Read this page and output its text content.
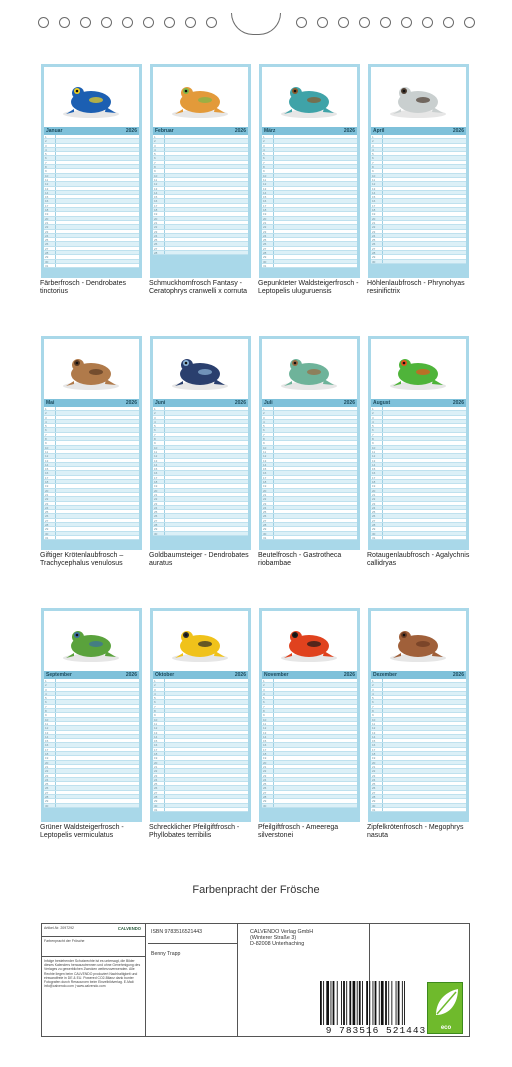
Januar	2026
1
2
3
4
5
6
7
8
9
10
11
12
13
14
15
16
17
18
19
20
21
22
23
24
25
26
27
28
29
30
31
Färberfrosch - Dendrobates tinctorius
Februar	2026
1
2
3
4
5
6
7
8
9
10
11
12
13
14
15
16
17
18
19
20
21
22
23
24
25
26
27
28
Schmuckhornfrosch Fantasy - Ceratophrys cranwelli x cornuta
März	2026
1
2
3
4
5
6
7
8
9
10
11
12
13
14
15
16
17
18
19
20
21
22
23
24
25
26
27
28
29
30
31
Gepunkteter Waldsteigerfrosch - Leptopelis uluguruensis
April	2026
1
2
3
4
5
6
7
8
9
10
11
12
13
14
15
16
17
18
19
20
21
22
23
24
25
26
27
28
29
30
Höhlenlaubfrosch - Phrynohyas resinifictrix
Mai	2026
1
2
3
4
5
6
7
8
9
10
11
12
13
14
15
16
17
18
19
20
21
22
23
24
25
26
27
28
29
30
31
Giftiger Krötenlaubfrosch – Trachycephalus venulosus
Juni	2026
1
2
3
4
5
6
7
8
9
10
11
12
13
14
15
16
17
18
19
20
21
22
23
24
25
26
27
28
29
30
Goldbaumsteiger - Dendrobates auratus
Juli	2026
1
2
3
4
5
6
7
8
9
10
11
12
13
14
15
16
17
18
19
20
21
22
23
24
25
26
27
28
29
30
31
Beutelfrosch - Gastrotheca riobambae
August	2026
1
2
3
4
5
6
7
8
9
10
11
12
13
14
15
16
17
18
19
20
21
22
23
24
25
26
27
28
29
30
31
Rotaugenlaubfrosch - Agalychnis callidryas
September	2026
1
2
3
4
5
6
7
8
9
10
11
12
13
14
15
16
17
18
19
20
21
22
23
24
25
26
27
28
29
30
Grüner Waldsteigerfrosch - Leptopelis vermiculatus
Oktober	2026
1
2
3
4
5
6
7
8
9
10
11
12
13
14
15
16
17
18
19
20
21
22
23
24
25
26
27
28
29
30
31
Schrecklicher Pfeilgiftfrosch - Phyllobates terribilis
November	2026
1
2
3
4
5
6
7
8
9
10
11
12
13
14
15
16
17
18
19
20
21
22
23
24
25
26
27
28
29
30
Pfeilgiftfrosch - Ameerega silverstonei
Dezember	2026
1
2
3
4
5
6
7
8
9
10
11
12
13
14
15
16
17
18
19
20
21
22
23
24
25
26
27
28
29
30
31
Zipfelkrötenfrosch - Megophrys nasuta
Farbenpracht der Frösche
Artikel-Nr. 2097292	CALVENDO
Farbenpracht der Frösche
Infolge bestehender Schutzrechte ist es untersagt, die Bilder dieses Kalenders herauszutrennen und ohne Genehmigung des Verlages zu gewerblichen Zwecken weiterzuverwenden. Alle Rechte liegen beim CALVENDO produziert Nachhaltigkeit und einwandfreie in DE & EU. Powered CO2-Bilanz dank bunter Fotografen durch Ressourcen beim Einzelbildverlag. E-Mail: info@calvendo.com | www.calvendo.com
ISBN 9783516521443
Benny Trapp
CALVENDO Verlag GmbH
(Winterer Straße 3)
D-82008 Unterhaching
9 783516 521443	eco
